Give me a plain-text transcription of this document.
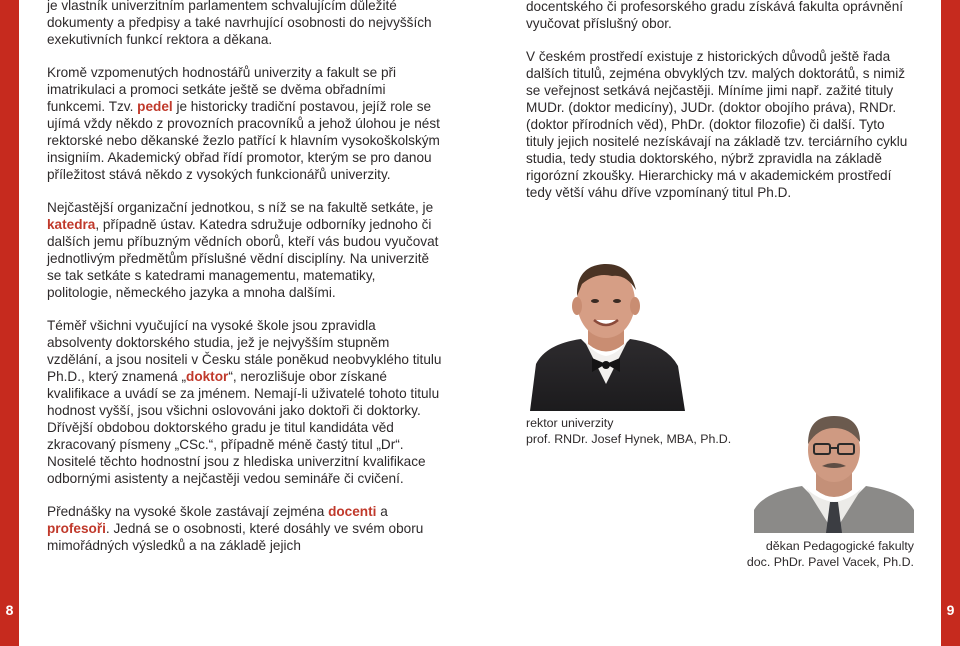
8	9

je vlastník univerzitním parlamentem schvalujícím důležité dokumenty a předpisy a také navrhující osobnosti do nejvyšších exekutivních funkcí rektora a děkana.

Kromě vzpomenutých hodnostářů univerzity a fakult se při imatrikulaci a promoci setkáte ještě se dvěma obřadními funkcemi. Tzv. pedel je historicky tradiční postavou, jejíž role se ujímá vždy někdo z provozních pracovníků a jehož úlohou je nést rektorské nebo děkanské žezlo patřící k hlavním vysokoškolským insigniím. Akademický obřad řídí promotor, kterým se pro danou příležitost stává někdo z vysokých funkcionářů univerzity.

Nejčastější organizační jednotkou, s níž se na fakultě setkáte, je katedra, případně ústav. Katedra sdružuje odborníky jednoho či dalších jemu příbuzným vědních oborů, kteří vás budou vyučovat jednotlivým předmětům příslušné vědní disciplíny. Na univerzitě se tak setkáte s katedrami managementu, matematiky, politologie, německého jazyka a mnoha dalšími.

Téměř všichni vyučující na vysoké škole jsou zpravidla absolventy doktorského studia, jež je nejvyšším stupněm vzdělání, a jsou nositeli v Česku stále poněkud neobvyklého titulu Ph.D., který znamená „doktor“, nerozlišuje obor získané kvalifikace a uvádí se za jménem. Nemají-li uživatelé tohoto titulu hodnost vyšší, jsou všichni oslovováni jako doktoři či doktorky. Dřívější obdobou doktorského gradu je titul kandidáta věd zkracovaný písmeny „CSc.“, případně méně častý titul „Dr“. Nositelé těchto hodnostní jsou z hlediska univerzitní kvalifikace odbornými asistenty a nejčastěji vedou semináře či cvičení.

Přednášky na vysoké škole zastávají zejména docenti a profesoři. Jedná se o osobnosti, které dosáhly ve svém oboru mimořádných výsledků a na základě jejich

docentského či profesorského gradu získává fakulta oprávnění vyučovat příslušný obor.

V českém prostředí existuje z historických důvodů ještě řada dalších titulů, zejména obvyklých tzv. malých doktorátů, s nimiž se veřejnost setkává nejčastěji. Míníme jimi např. zažité tituly MUDr. (doktor medicíny), JUDr. (doktor obojího práva), RNDr. (doktor přírodních věd), PhDr. (doktor filozofie) či další. Tyto tituly jejich nositelé nezískávají na základě tzv. terciárního cyklu studia, tedy studia doktorského, nýbrž zpravidla na základě rigorózní zkoušky. Hierarchicky má v akademickém prostředí tedy větší váhu dříve vzpomínaný titul Ph.D.

rektor univerzity
prof. RNDr. Josef Hynek, MBA, Ph.D.
děkan Pedagogické fakulty
doc. PhDr. Pavel Vacek, Ph.D.
